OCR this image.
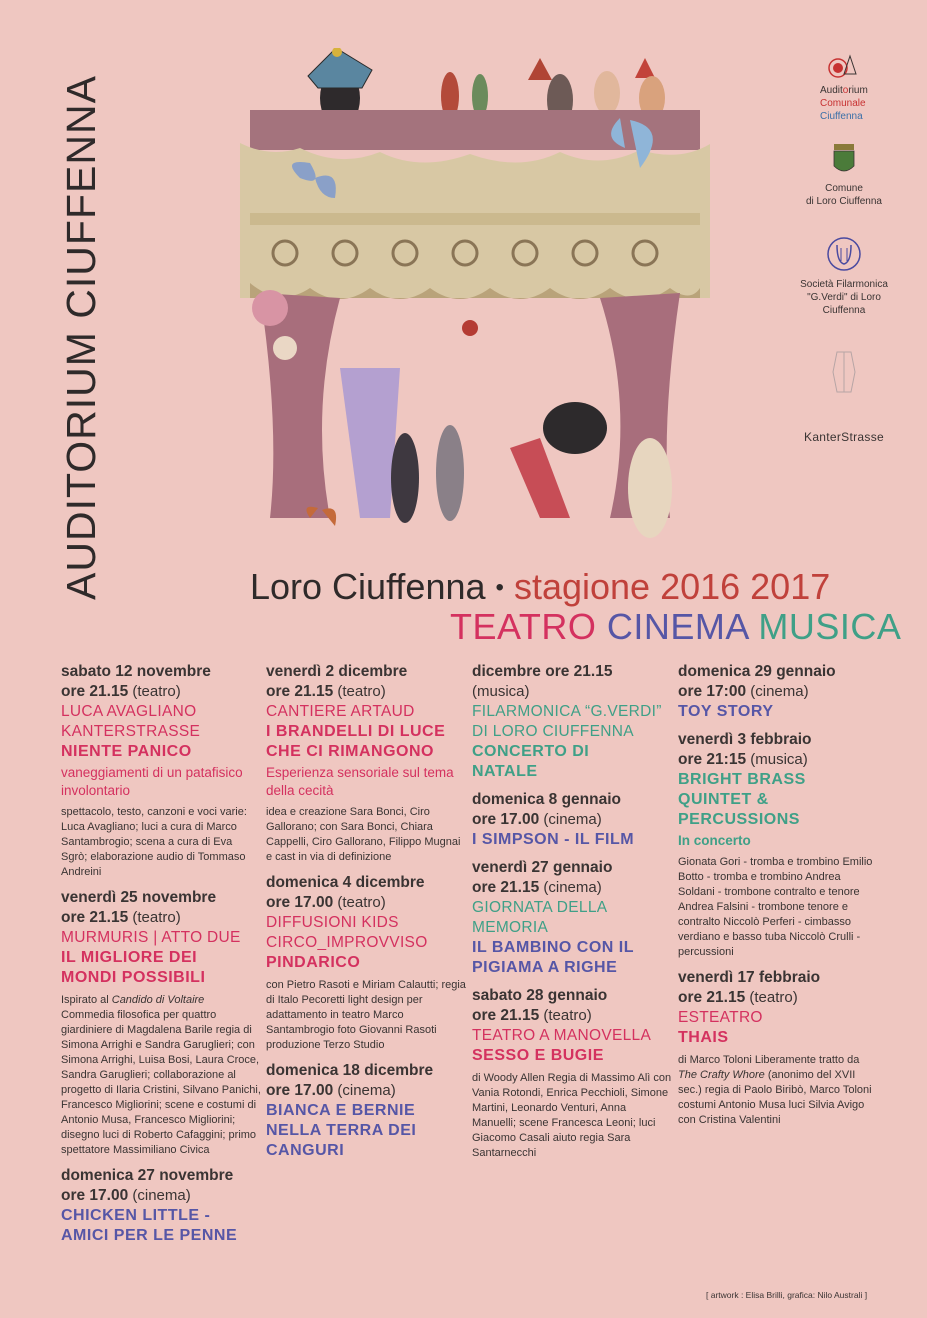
AUDITORIUM CIUFFENNA	Auditorium
Comunale
Ciuffenna
Comune
di Loro Ciuffenna
Società Filarmonica
"G.Verdi" di Loro
Ciuffenna
KanterStrasse
Loro Ciuffenna • stagione 2016 2017
TEATRO CINEMA MUSICA
sabato 12 novembre
ore 21.15 (teatro)
LUCA AVAGLIANO
KANTERSTRASSE
NIENTE PANICO
vaneggiamenti di un patafisico involontario
spettacolo, testo, canzoni e voci varie: Luca Avagliano; luci a cura di Marco Santambrogio; scena a cura di Eva Sgrò; elaborazione audio di Tommaso Andreini
venerdì 25 novembre
ore 21.15 (teatro)
MURMURIS | ATTO DUE
IL MIGLIORE DEI
MONDI POSSIBILI
Ispirato al Candido di Voltaire
Commedia filosofica per quattro giardiniere di Magdalena Barile regia di Simona Arrighi e Sandra Garuglieri; con Simona Arrighi, Luisa Bosi, Laura Croce, Sandra Garuglieri; collaborazione al progetto di Ilaria Cristini, Silvano Panichi, Francesco Migliorini; scene e costumi di Antonio Musa, Francesco Migliorini; disegno luci di Roberto Cafaggini; primo spettatore Massimiliano Civica
domenica 27 novembre
ore 17.00 (cinema)
CHICKEN LITTLE -
AMICI PER LE PENNE
venerdì 2 dicembre
ore 21.15 (teatro)
CANTIERE ARTAUD
I BRANDELLI DI LUCE
CHE CI RIMANGONO
Esperienza sensoriale sul tema della cecità
idea e creazione Sara Bonci, Ciro Gallorano; con Sara Bonci, Chiara Cappelli, Ciro Gallorano, Filippo Mugnai e cast in via di definizione
domenica 4 dicembre
ore 17.00 (teatro)
DIFFUSIONI KIDS
CIRCO_IMPROVVISO
PINDARICO
con Pietro Rasoti e Miriam Calautti; regia di Italo Pecoretti light design per adattamento in teatro Marco Santambrogio foto Giovanni Rasoti produzione Terzo Studio
domenica 18 dicembre
ore 17.00 (cinema)
BIANCA E BERNIE
NELLA TERRA DEI
CANGURI
dicembre ore 21.15
(musica)
FILARMONICA “G.VERDI”
DI LORO CIUFFENNA
CONCERTO DI
NATALE
domenica 8 gennaio
ore 17.00 (cinema)
I SIMPSON - IL FILM
venerdì 27 gennaio
ore 21.15 (cinema)
GIORNATA DELLA
MEMORIA
IL BAMBINO CON IL
PIGIAMA A RIGHE
sabato 28 gennaio
ore 21.15 (teatro)
TEATRO A MANOVELLA
SESSO E BUGIE
di Woody Allen Regia di Massimo Alì con Vania Rotondi, Enrica Pecchioli, Simone Martini, Leonardo Venturi, Anna Manuelli; scene Francesca Leoni; luci Giacomo Casali aiuto regia Sara Santarnecchi
domenica 29 gennaio
ore 17:00 (cinema)
TOY STORY
venerdì 3 febbraio
ore 21:15 (musica)
BRIGHT BRASS
QUINTET &
PERCUSSIONS
In concerto
Gionata Gori - tromba e trombino Emilio Botto - tromba e trombino Andrea Soldani - trombone contralto e tenore Andrea Falsini - trombone tenore e contralto Niccolò Perferi - cimbasso verdiano e basso tuba Niccolò Crulli - percussioni
venerdì 17 febbraio
ore 21.15 (teatro)
ESTEATRO
THAIS
di Marco Toloni Liberamente tratto da The Crafty Whore (anonimo del XVII sec.) regia di Paolo Biribò, Marco Toloni costumi Antonio Musa luci Silvia Avigo con Cristina Valentini
[ artwork : Elisa Brilli, grafica: Nilo Australi ]
